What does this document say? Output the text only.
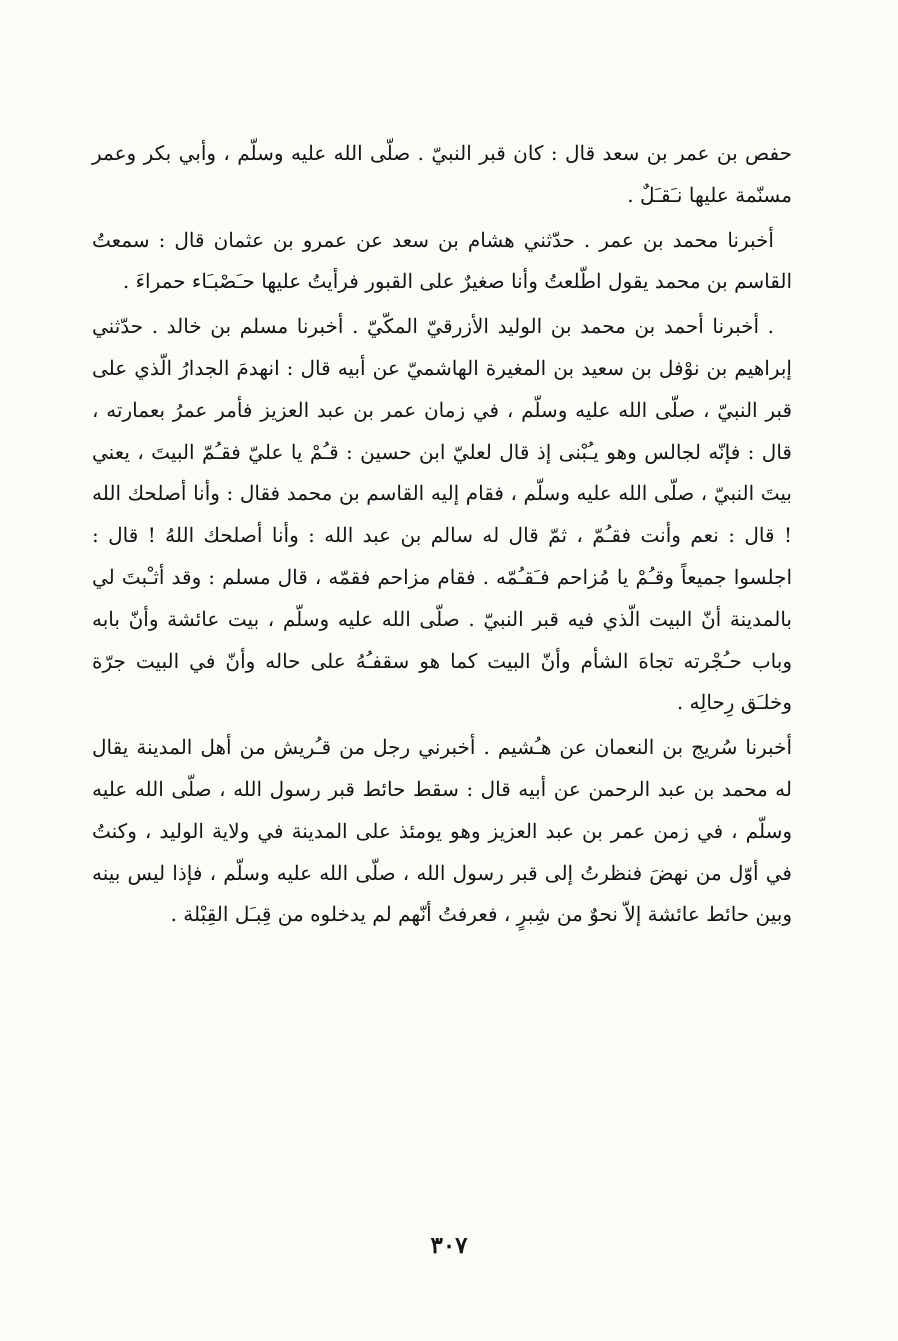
حفص بن عمر بن سعد قال : كان قبر النبيّ . صلّى الله عليه وسلّم ، وأبي بكر وعمر مسنّمة عليها نـَقـَلٌ .

أخبرنا محمد بن عمر . حدّثني هشام بن سعد عن عمرو بن عثمان قال : سمعتُ القاسم بن محمد يقول اطّلعتُ وأنا صغيرٌ على القبور فرأيتُ عليها حـَصْبـَاء حمراءَ .

. أخبرنا أحمد بن محمد بن الوليد الأزرقيّ المكّيّ . أخبرنا مسلم بن خالد . حدّثني إبراهيم بن نوْفل بن سعيد بن المغيرة الهاشميّ عن أبيه قال : انهدمَ الجدارُ الّذي على قبر النبيّ ، صلّى الله عليه وسلّم ، في زمان عمر بن عبد العزيز فأمر عمرُ بعمارته ، قال : فإنّه لجالس وهو يـُبْنى إذ قال لعليّ ابن حسين : قـُمْ يا عليّ فقـُمّ البيتَ ، يعني بيتَ النبيّ ، صلّى الله عليه وسلّم ، فقام إليه القاسم بن محمد فقال : وأنا أصلحك الله ! قال : نعم وأنت فقـُمّ ، ثمّ قال له سالم بن عبد الله : وأنا أصلحك اللهُ ! قال : اجلسوا جميعاً وقـُمْ يا مُزاحم فـَقـُمّه . فقام مزاحم فقمّه ، قال مسلم : وقد أثـْبتَ لي بالمدينة أنّ البيت الّذي فيه قبر النبيّ . صلّى الله عليه وسلّم ، بيت عائشة وأنّ بابه وباب حـُجْرته تجاهَ الشأم وأنّ البيت كما هو سقفـُهُ على حاله وأنّ في البيت جرّة وخلـَق رِحالِه .

أخبرنا سُريج بن النعمان عن هـُشيم . أخبرني رجل من قـُريش من أهل المدينة يقال له محمد بن عبد الرحمن عن أبيه قال : سقط حائط قبر رسول الله ، صلّى الله عليه وسلّم ، في زمن عمر بن عبد العزيز وهو يومئذ على المدينة في ولاية الوليد ، وكنتُ في أوّل من نهضَ فنظرتُ إلى قبر رسول الله ، صلّى الله عليه وسلّم ، فإذا ليس بينه وبين حائط عائشة إلاّ نحوٌ من شِبرٍ ، فعرفتُ أنّهم لم يدخلوه من قِبـَل القِبْلة .

٣٠٧
